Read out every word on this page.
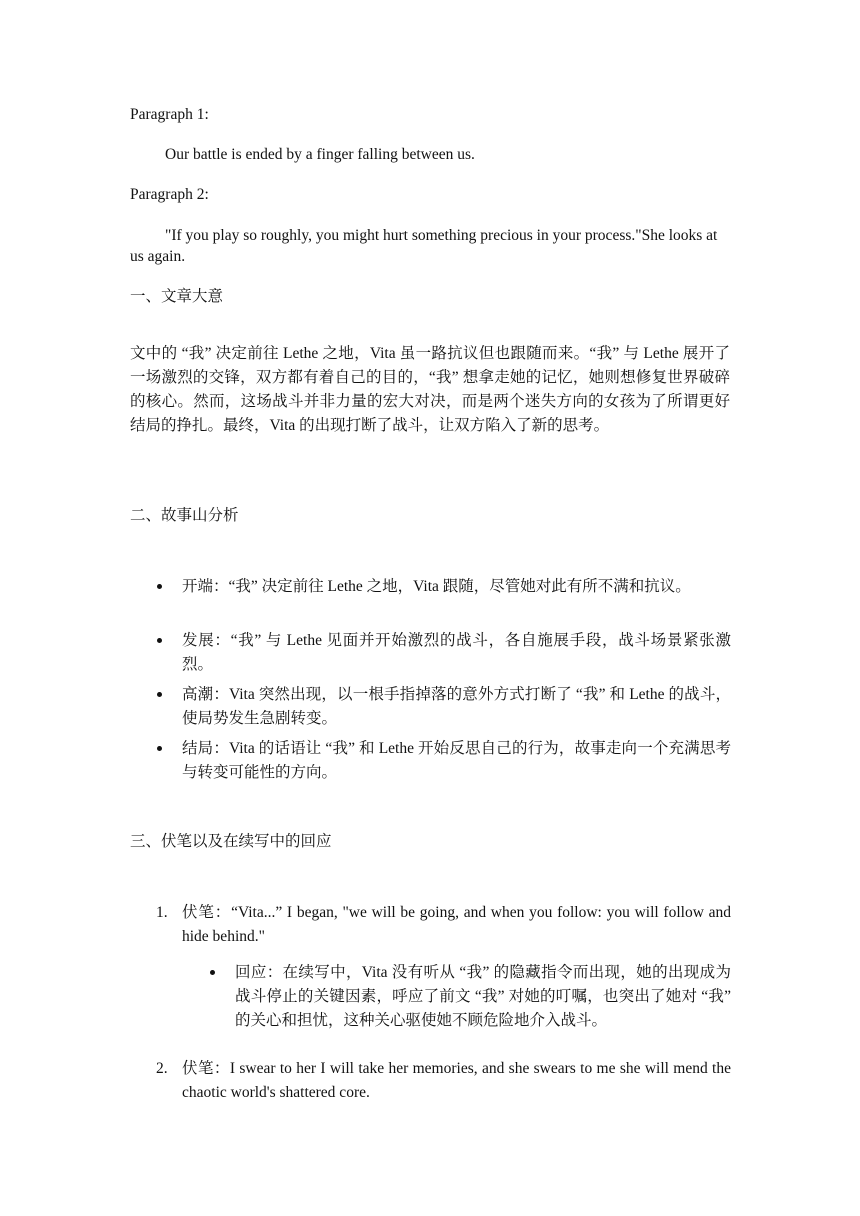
Paragraph 1:

Our battle is ended by a finger falling between us.

Paragraph 2:

"If you play so roughly, you might hurt something precious in your process."She looks at us again.

一、文章大意

文中的 “我” 决定前往 Lethe 之地，Vita 虽一路抗议但也跟随而来。“我” 与 Lethe 展开了一场激烈的交锋，双方都有着自己的目的，“我” 想拿走她的记忆，她则想修复世界破碎的核心。然而，这场战斗并非力量的宏大对决，而是两个迷失方向的女孩为了所谓更好结局的挣扎。最终，Vita 的出现打断了战斗，让双方陷入了新的思考。

二、故事山分析

开端：“我” 决定前往 Lethe 之地，Vita 跟随，尽管她对此有所不满和抗议。
发展：“我” 与 Lethe 见面并开始激烈的战斗，各自施展手段，战斗场景紧张激烈。
高潮：Vita 突然出现，以一根手指掉落的意外方式打断了 “我” 和 Lethe 的战斗，使局势发生急剧转变。
结局：Vita 的话语让 “我” 和 Lethe 开始反思自己的行为，故事走向一个充满思考与转变可能性的方向。

三、伏笔以及在续写中的回应

1. 伏笔：“Vita...” I began, "we will be going, and when you follow: you will follow and hide behind."
回应：在续写中，Vita 没有听从 “我” 的隐藏指令而出现，她的出现成为战斗停止的关键因素，呼应了前文 “我” 对她的叮嘱，也突出了她对 “我” 的关心和担忧，这种关心驱使她不顾危险地介入战斗。
2. 伏笔：I swear to her I will take her memories, and she swears to me she will mend the chaotic world's shattered core.
